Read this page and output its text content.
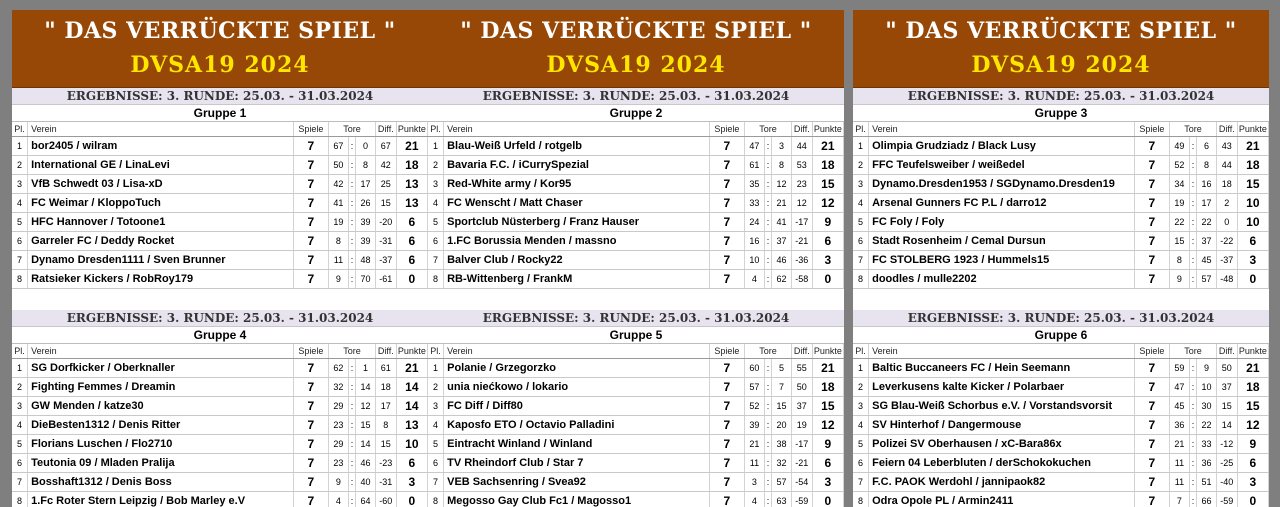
" DAS VERRÜCKTE SPIEL "
DVSA19 2024
ERGEBNISSE: 3. RUNDE: 25.03. - 31.03.2024
Gruppe 1
Pl.	Verein	Spiele	Tore			Diff.	Punkte
1	bor2405 / wilram	7	67	:	0	67	21
2	International GE / LinaLevi	7	50	:	8	42	18
3	VfB Schwedt 03 / Lisa-xD	7	42	:	17	25	13
4	FC Weimar / KloppoTuch	7	41	:	26	15	13
5	HFC Hannover / Totoone1	7	19	:	39	-20	6
6	Garreler FC / Deddy Rocket	7	8	:	39	-31	6
7	Dynamo Dresden1111 / Sven Brunner	7	11	:	48	-37	6
8	Ratsieker Kickers / RobRoy179	7	9	:	70	-61	0
ERGEBNISSE: 3. RUNDE: 25.03. - 31.03.2024
Gruppe 4
Pl.	Verein	Spiele	Tore			Diff.	Punkte
1	SG Dorfkicker / Oberknaller	7	62	:	1	61	21
2	Fighting Femmes / Dreamin	7	32	:	14	18	14
3	GW Menden / katze30	7	29	:	12	17	14
4	DieBesten1312 / Denis Ritter	7	23	:	15	8	13
5	Florians Luschen / Flo2710	7	29	:	14	15	10
6	Teutonia 09 / Mladen Pralija	7	23	:	46	-23	6
7	Bosshaft1312 / Denis Boss	7	9	:	40	-31	3
8	1.Fc Roter Stern Leipzig / Bob Marley e.V	7	4	:	64	-60	0
" DAS VERRÜCKTE SPIEL "
DVSA19 2024
ERGEBNISSE: 3. RUNDE: 25.03. - 31.03.2024
Gruppe 2
Pl.	Verein	Spiele	Tore			Diff.	Punkte
1	Blau-Weiß Urfeld / rotgelb	7	47	:	3	44	21
2	Bavaria F.C. / iCurrySpezial	7	61	:	8	53	18
3	Red-White army / Kor95	7	35	:	12	23	15
4	FC Wenscht / Matt Chaser	7	33	:	21	12	12
5	Sportclub Nüsterberg / Franz Hauser	7	24	:	41	-17	9
6	1.FC Borussia Menden / massno	7	16	:	37	-21	6
7	Balver Club / Rocky22	7	10	:	46	-36	3
8	RB-Wittenberg / FrankM	7	4	:	62	-58	0
ERGEBNISSE: 3. RUNDE: 25.03. - 31.03.2024
Gruppe 5
Pl.	Verein	Spiele	Tore			Diff.	Punkte
1	Polanie / Grzegorzko	7	60	:	5	55	21
2	unia niećkowo / lokario	7	57	:	7	50	18
3	FC Diff / Diff80	7	52	:	15	37	15
4	Kaposfo ETO / Octavio Palladini	7	39	:	20	19	12
5	Eintracht Winland / Winland	7	21	:	38	-17	9
6	TV Rheindorf Club / Star 7	7	11	:	32	-21	6
7	VEB Sachsenring / Svea92	7	3	:	57	-54	3
8	Megosso Gay Club Fc1 / Magosso1	7	4	:	63	-59	0
" DAS VERRÜCKTE SPIEL "
DVSA19 2024
ERGEBNISSE: 3. RUNDE: 25.03. - 31.03.2024
Gruppe 3
Pl.	Verein	Spiele	Tore			Diff.	Punkte
1	Olimpia Grudziadz / Black Lusy	7	49	:	6	43	21
2	FFC Teufelsweiber / weißedel	7	52	:	8	44	18
3	Dynamo.Dresden1953 / SGDynamo.Dresden19	7	34	:	16	18	15
4	Arsenal Gunners FC P.L / darro12	7	19	:	17	2	10
5	FC Foly / Foly	7	22	:	22	0	10
6	Stadt Rosenheim / Cemal Dursun	7	15	:	37	-22	6
7	FC STOLBERG 1923 / Hummels15	7	8	:	45	-37	3
8	doodles / mulle2202	7	9	:	57	-48	0
ERGEBNISSE: 3. RUNDE: 25.03. - 31.03.2024
Gruppe 6
Pl.	Verein	Spiele	Tore			Diff.	Punkte
1	Baltic Buccaneers FC / Hein Seemann	7	59	:	9	50	21
2	Leverkusens kalte Kicker / Polarbaer	7	47	:	10	37	18
3	SG Blau-Weiß Schorbus e.V. / Vorstandsvorsit	7	45	:	30	15	15
4	SV Hinterhof / Dangermouse	7	36	:	22	14	12
5	Polizei SV Oberhausen / xC-Bara86x	7	21	:	33	-12	9
6	Feiern 04 Leberbluten / derSchokokuchen	7	11	:	36	-25	6
7	F.C. PAOK Werdohl / jannipaok82	7	11	:	51	-40	3
8	Odra Opole PL / Armin2411	7	7	:	66	-59	0
